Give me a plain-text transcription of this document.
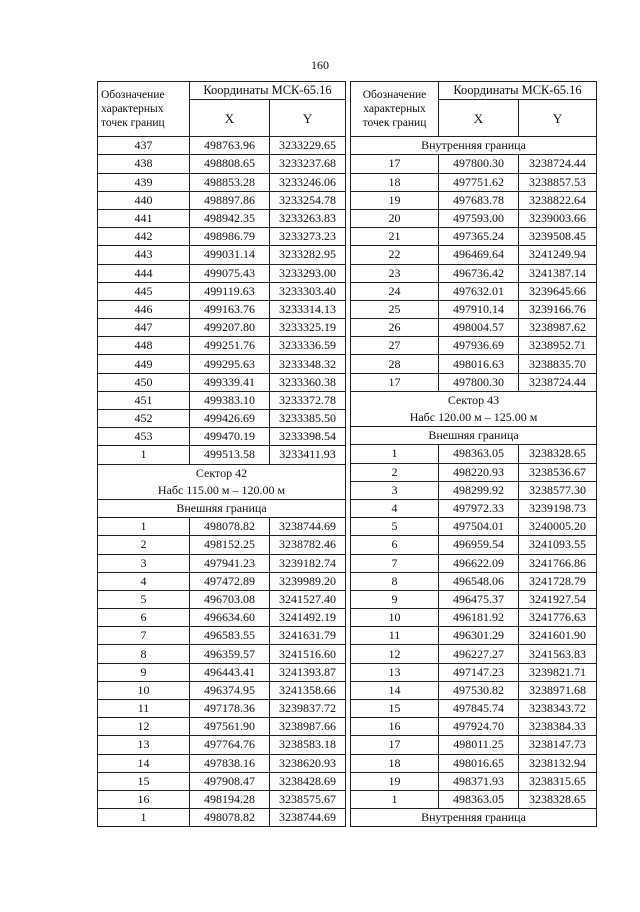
160
Обозначение
характерных
точек границ	Координаты МСК-65.16	
	X	Y
437	498763.96	3233229.65
438	498808.65	3233237.68
439	498853.28	3233246.06
440	498897.86	3233254.78
441	498942.35	3233263.83
442	498986.79	3233273.23
443	499031.14	3233282.95
444	499075.43	3233293.00
445	499119.63	3233303.40
446	499163.76	3233314.13
447	499207.80	3233325.19
448	499251.76	3233336.59
449	499295.63	3233348.32
450	499339.41	3233360.38
451	499383.10	3233372.78
452	499426.69	3233385.50
453	499470.19	3233398.54
1	499513.58	3233411.93
Сектор 42		
Набс 115.00 м – 120.00 м		
Внешняя граница		
1	498078.82	3238744.69
2	498152.25	3238782.46
3	497941.23	3239182.74
4	497472.89	3239989.20
5	496703.08	3241527.40
6	496634.60	3241492.19
7	496583.55	3241631.79
8	496359.57	3241516.60
9	496443.41	3241393.87
10	496374.95	3241358.66
11	497178.36	3239837.72
12	497561.90	3238987.66
13	497764.76	3238583.18
14	497838.16	3238620.93
15	497908.47	3238428.69
16	498194.28	3238575.67
1	498078.82	3238744.69
Обозначение
характерных
точек границ	Координаты МСК-65.16	
	X	Y
Внутренняя граница		
17	497800.30	3238724.44
18	497751.62	3238857.53
19	497683.78	3238822.64
20	497593.00	3239003.66
21	497365.24	3239508.45
22	496469.64	3241249.94
23	496736.42	3241387.14
24	497632.01	3239645.66
25	497910.14	3239166.76
26	498004.57	3238987.62
27	497936.69	3238952.71
28	498016.63	3238835.70
17	497800.30	3238724.44
Сектор 43		
Набс 120.00 м – 125.00 м		
Внешняя граница		
1	498363.05	3238328.65
2	498220.93	3238536.67
3	498299.92	3238577.30
4	497972.33	3239198.73
5	497504.01	3240005.20
6	496959.54	3241093.55
7	496622.09	3241766.86
8	496548.06	3241728.79
9	496475.37	3241927.54
10	496181.92	3241776.63
11	496301.29	3241601.90
12	496227.27	3241563.83
13	497147.23	3239821.71
14	497530.82	3238971.68
15	497845.74	3238343.72
16	497924.70	3238384.33
17	498011.25	3238147.73
18	498016.65	3238132.94
19	498371.93	3238315.65
1	498363.05	3238328.65
Внутренняя граница		
